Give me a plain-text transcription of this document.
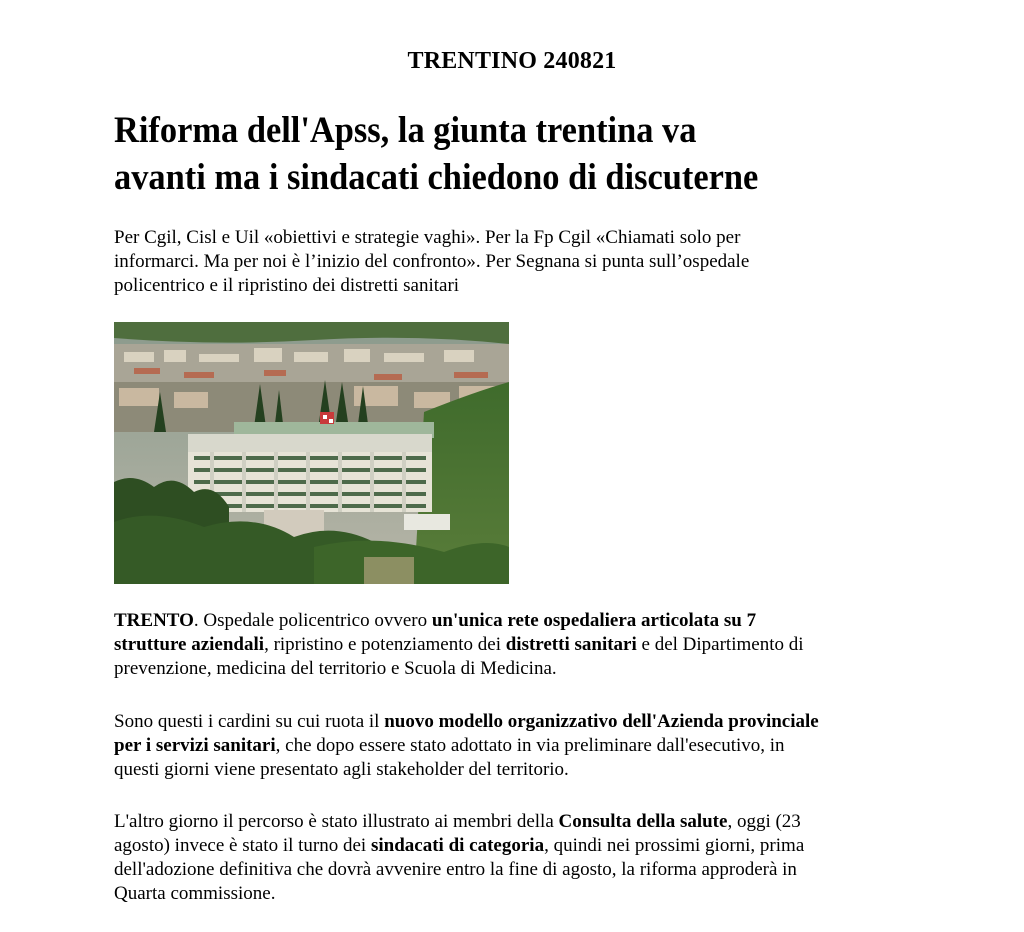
TRENTINO 240821
Riforma dell'Apss, la giunta trentina va
avanti ma i sindacati chiedono di discuterne
Per Cgil, Cisl e Uil «obiettivi e strategie vaghi». Per la Fp Cgil «Chiamati solo per
informarci. Ma per noi è l’inizio del confronto». Per Segnana si punta sull’ospedale
policentrico e il ripristino dei distretti sanitari
TRENTO. Ospedale policentrico ovvero un'unica rete ospedaliera articolata su 7
strutture aziendali, ripristino e potenziamento dei distretti sanitari e del Dipartimento di
prevenzione, medicina del territorio e Scuola di Medicina.
Sono questi i cardini su cui ruota il nuovo modello organizzativo dell'Azienda provinciale
per i servizi sanitari, che dopo essere stato adottato in via preliminare dall'esecutivo, in
questi giorni viene presentato agli stakeholder del territorio.
L'altro giorno il percorso è stato illustrato ai membri della Consulta della salute, oggi (23
agosto) invece è stato il turno dei sindacati di categoria, quindi nei prossimi giorni, prima
dell'adozione definitiva che dovrà avvenire entro la fine di agosto, la riforma approderà in
Quarta commissione.
